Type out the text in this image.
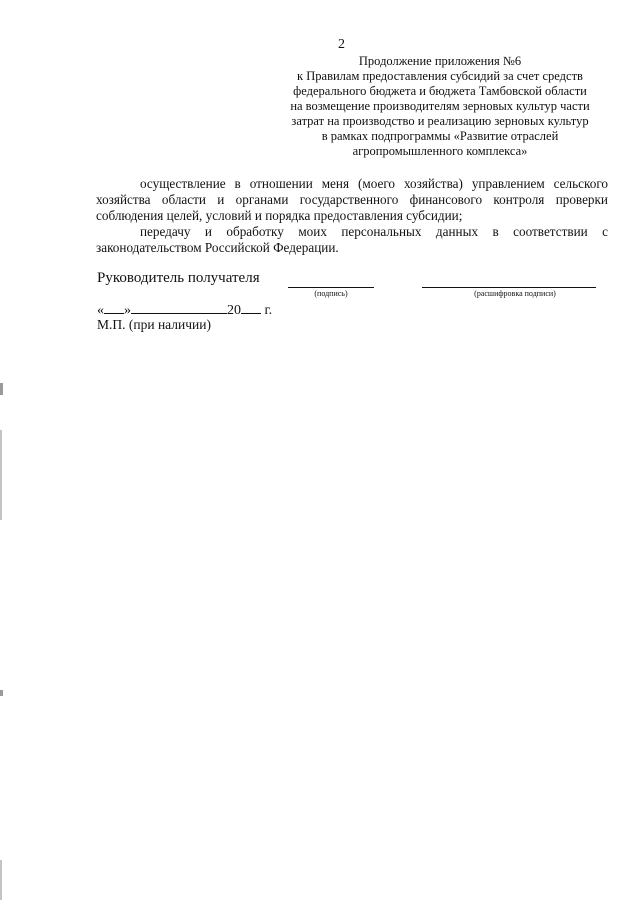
2
Продолжение приложения №6
к Правилам предоставления субсидий за счет средств
федерального бюджета и бюджета Тамбовской области
на возмещение производителям зерновых культур части
затрат на производство и реализацию зерновых культур
в рамках подпрограммы «Развитие отраслей
агропромышленного комплекса»

осуществление в отношении меня (моего хозяйства) управлением сельского

хозяйства области и органами государственного финансового контроля проверки

соблюдения целей, условий и порядка предоставления субсидии;

передачу и обработку моих персональных данных в соответствии с

законодательством Российской Федерации.

Руководитель получателя
(подпись)	(расшифровка подписи)
« »	20 г.
М.П. (при наличии)
